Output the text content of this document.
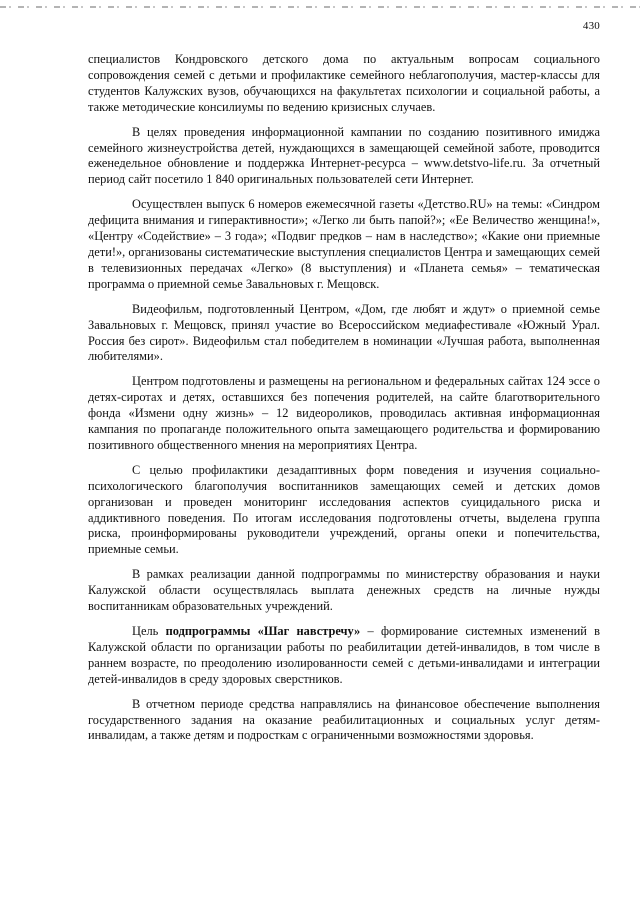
430

специалистов Кондровского детского дома по актуальным вопросам социального сопровождения семей с детьми и профилактике семейного неблагополучия, мастер-классы для студентов Калужских вузов, обучающихся на факультетах психологии и социальной работы, а также методические консилиумы по ведению кризисных случаев.

В целях проведения информационной кампании по созданию позитивного имиджа семейного жизнеустройства детей, нуждающихся в замещающей семейной заботе, проводится еженедельное обновление и поддержка Интернет-ресурса – www.detstvo-life.ru. За отчетный период сайт посетило 1 840 оригинальных пользователей сети Интернет.

Осуществлен выпуск 6 номеров ежемесячной газеты «Детство.RU» на темы: «Синдром дефицита внимания и гиперактивности»; «Легко ли быть папой?»; «Ее Величество женщина!», «Центру «Содействие» – 3 года»; «Подвиг предков – нам в наследство»; «Какие они приемные дети!», организованы систематические выступления специалистов Центра и замещающих семей в телевизионных передачах «Легко» (8 выступления) и «Планета семья» – тематическая программа о приемной семье Завальновых г. Мещовск.

Видеофильм, подготовленный Центром, «Дом, где любят и ждут» о приемной семье Завальновых г. Мещовск, принял участие во Всероссийском медиафестивале «Южный Урал. Россия без сирот». Видеофильм стал победителем в номинации «Лучшая работа, выполненная любителями».

Центром подготовлены и размещены на региональном и федеральных сайтах 124 эссе о детях-сиротах и детях, оставшихся без попечения родителей, на сайте благотворительного фонда «Измени одну жизнь» – 12 видеороликов, проводилась активная информационная кампания по пропаганде положительного опыта замещающего родительства и формированию позитивного общественного мнения на мероприятиях Центра.

С целью профилактики дезадаптивных форм поведения и изучения социально-психологического благополучия воспитанников замещающих семей и детских домов организован и проведен мониторинг исследования аспектов суицидального риска и аддиктивного поведения. По итогам исследования подготовлены отчеты, выделена группа риска, проинформированы руководители учреждений, органы опеки и попечительства, приемные семьи.

В рамках реализации данной подпрограммы по министерству образования и науки Калужской области осуществлялась выплата денежных средств на личные нужды воспитанникам образовательных учреждений.

Цель подпрограммы «Шаг навстречу» – формирование системных изменений в Калужской области по организации работы по реабилитации детей-инвалидов, в том числе в раннем возрасте, по преодолению изолированности семей с детьми-инвалидами и интеграции детей-инвалидов в среду здоровых сверстников.

В отчетном периоде средства направлялись на финансовое обеспечение выполнения государственного задания на оказание реабилитационных и социальных услуг детям-инвалидам, а также детям и подросткам с ограниченными возможностями здоровья.
